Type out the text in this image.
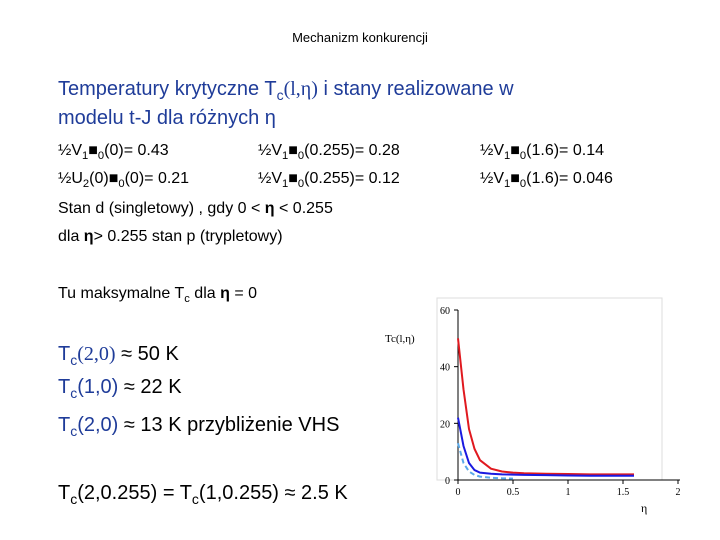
Mechanizm konkurencji
Temperatury krytyczne $T_c(l,\eta)$ i stany realizowane w
modelu t-J dla różnych η
$\frac{1}{2}V_1■_0(0)= 0.43$	$\frac{1}{2}V_1■_0(0.255)= 0.28$	$\frac{1}{2}V_1■_0(1.6)= 0.14$
$\frac{1}{2}U_2(0)■_0(0)= 0.21$	$\frac{1}{2}V_1■_0(0.255)= 0.12$	$\frac{1}{2}V_1■_0(1.6)= 0.046$
Stan d (singletowy) , gdy 0 < η < 0.255
dla η> 0.255 stan p (trypletowy)
Tu maksymalne $T_c$ dla η = 0
$T_c(2,0) \approx 50$ K
$T_c(1,0) \approx 22$ K
$T_c(2,0) \approx 13$ K przybliżenie VHS
$T_c(2,0.255) = T_c(1,0.255) \approx 2.5$ K
Tc(l,η)
η
0	0.5	1	1.5	2
0
20
40
60
